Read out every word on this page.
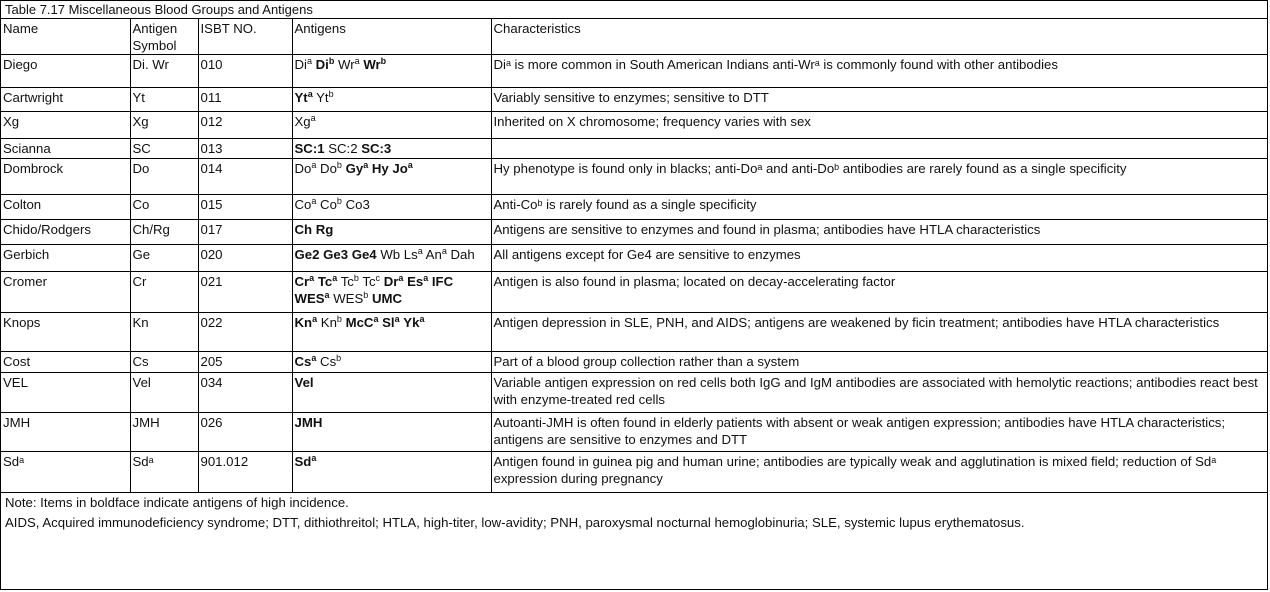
Table 7.17 Miscellaneous Blood Groups and Antigens
Name	Antigen Symbol	ISBT NO.	Antigens	Characteristics
Diego	Di. Wr	010	Di$^a$ Di$^b$ Wr$^a$ Wr$^b$	Diᵃ is more common in South American Indians anti-Wrᵃ is commonly found with other antibodies
Cartwright	Yt	011	Yt$^a$ Yt$^b$	Variably sensitive to enzymes; sensitive to DTT
Xg	Xg	012	Xg$^a$	Inherited on X chromosome; frequency varies with sex
Scianna	SC	013	SC:1 SC:2 SC:3	
Dombrock	Do	014	Do$^a$ Do$^b$ Gy$^a$ Hy Jo$^a$	Hy phenotype is found only in blacks; anti-Doᵃ and anti-Doᵇ antibodies are rarely found as a single specificity
Colton	Co	015	Co$^a$ Co$^b$ Co3	Anti-Coᵇ is rarely found as a single specificity
Chido/Rodgers	Ch/Rg	017	Ch Rg	Antigens are sensitive to enzymes and found in plasma; antibodies have HTLA characteristics
Gerbich	Ge	020	Ge2 Ge3 Ge4 Wb Ls$^a$ An$^a$ Dah	All antigens except for Ge4 are sensitive to enzymes
Cromer	Cr	021	Cr$^a$ Tc$^a$ Tc$^b$ Tc$^c$ Dr$^a$ Es$^a$ IFC WES$^a$ WES$^b$ UMC	Antigen is also found in plasma; located on decay-accelerating factor
Knops	Kn	022	Kn$^a$ Kn$^b$ McC$^a$ Sl$^a$ Yk$^a$	Antigen depression in SLE, PNH, and AIDS; antigens are weakened by ficin treatment; antibodies have HTLA characteristics
Cost	Cs	205	Cs$^a$ Cs$^b$	Part of a blood group collection rather than a system
VEL	Vel	034	Vel	Variable antigen expression on red cells both IgG and IgM antibodies are associated with hemolytic reactions; antibodies react best with enzyme-treated red cells
JMH	JMH	026	JMH	Autoanti-JMH is often found in elderly patients with absent or weak antigen expression; antibodies have HTLA characteristics; antigens are sensitive to enzymes and DTT
Sdᵃ	Sdᵃ	901.012	Sd$^a$	Antigen found in guinea pig and human urine; antibodies are typically weak and agglutination is mixed field; reduction of Sdᵃ expression during pregnancy
Note: Items in boldface indicate antigens of high incidence.
AIDS, Acquired immunodeficiency syndrome; DTT, dithiothreitol; HTLA, high-titer, low-avidity; PNH, paroxysmal nocturnal hemoglobinuria; SLE, systemic lupus erythematosus.
